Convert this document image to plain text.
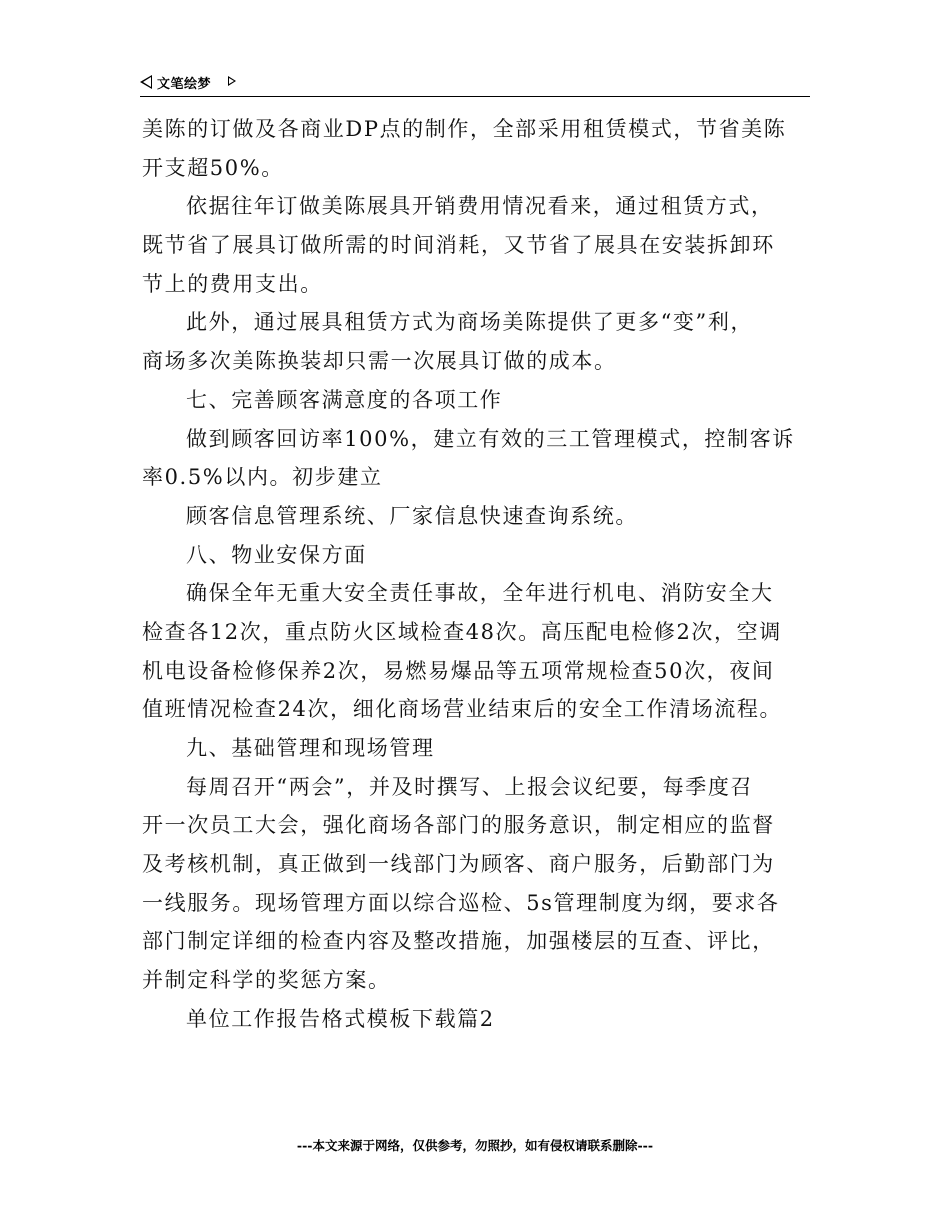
文笔绘梦
美陈的订做及各商业DP点的制作，全部采用租赁模式，节省美陈
开支超50%。
依据往年订做美陈展具开销费用情况看来，通过租赁方式，
既节省了展具订做所需的时间消耗，又节省了展具在安装拆卸环
节上的费用支出。
此外，通过展具租赁方式为商场美陈提供了更多“变”利，
商场多次美陈换装却只需一次展具订做的成本。
七、完善顾客满意度的各项工作
做到顾客回访率100%，建立有效的三工管理模式，控制客诉
率0.5%以内。初步建立
顾客信息管理系统、厂家信息快速查询系统。
八、物业安保方面
确保全年无重大安全责任事故，全年进行机电、消防安全大
检查各12次，重点防火区域检查48次。高压配电检修2次，空调
机电设备检修保养2次，易燃易爆品等五项常规检查50次，夜间
值班情况检查24次，细化商场营业结束后的安全工作清场流程。
九、基础管理和现场管理
每周召开“两会”，并及时撰写、上报会议纪要，每季度召
开一次员工大会，强化商场各部门的服务意识，制定相应的监督
及考核机制，真正做到一线部门为顾客、商户服务，后勤部门为
一线服务。现场管理方面以综合巡检、5s管理制度为纲，要求各
部门制定详细的检查内容及整改措施，加强楼层的互查、评比，
并制定科学的奖惩方案。
单位工作报告格式模板下载篇2
---本文来源于网络，仅供参考，勿照抄，如有侵权请联系删除---
